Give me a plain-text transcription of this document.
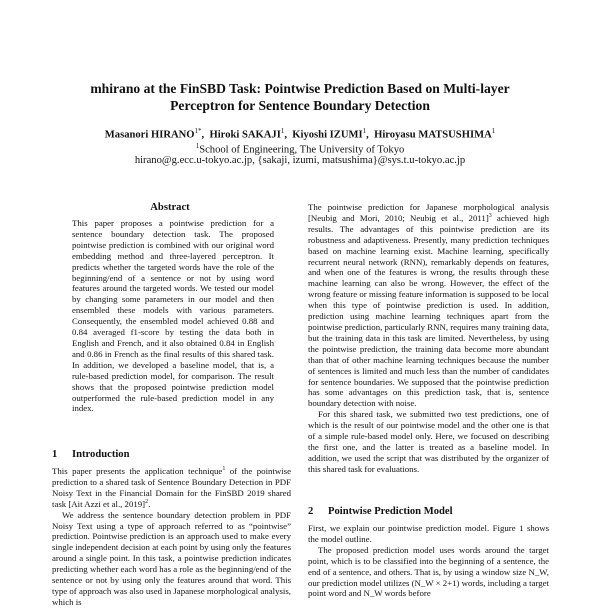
mhirano at the FinSBD Task: Pointwise Prediction Based on Multi-layer Perceptron for Sentence Boundary Detection
Masanori $HIRANO^{1*}$,  Hiroki SAKAJI$^1$,  Kiyoshi IZUMI$^1$,  Hiroyasu MATSUSHIMA$^1$
$^1$School of Engineering, The University of Tokyo
hirano@g.ecc.u-tokyo.ac.jp, {sakaji, izumi, matsushima}@sys.t.u-tokyo.ac.jp
Abstract
This paper proposes a pointwise prediction for a sentence boundary detection task. The proposed pointwise prediction is combined with our original word embedding method and three-layered perceptron. It predicts whether the targeted words have the role of the beginning/end of a sentence or not by using word features around the targeted words. We tested our model by changing some parameters in our model and then ensembled these models with various parameters. Consequently, the ensembled model achieved 0.88 and 0.84 averaged f1-score by testing the data both in English and French, and it also obtained 0.84 in English and 0.86 in French as the final results of this shared task. In addition, we developed a baseline model, that is, a rule-based prediction model, for comparison. The result shows that the proposed pointwise prediction model outperformed the rule-based prediction model in any index.
1 Introduction

This paper presents the application technique$^1$ of the pointwise prediction to a shared task of Sentence Boundary Detection in PDF Noisy Text in the Financial Domain for the FinSBD 2019 shared task [Ait Azzi et al., 2019]$^2$.

We address the sentence boundary detection problem in PDF Noisy Text using a type of approach referred to as “pointwise” prediction. Pointwise prediction is an approach used to make every single independent decision at each point by using only the features around a single point. In this task, a pointwise prediction indicates predicting whether each word has a role as the beginning/end of the sentence or not by using only the features around that word. This type of approach was also used in Japanese morphological analysis, which is

The pointwise prediction for Japanese morphological analysis [Neubig and Mori, 2010; Neubig et al., 2011]$^3$ achieved high results. The advantages of this pointwise prediction are its robustness and adaptiveness. Presently, many prediction techniques based on machine learning exist. Machine learning, specifically recurrent neural network (RNN), remarkably depends on features, and when one of the features is wrong, the results through these machine learning can also be wrong. However, the effect of the wrong feature or missing feature information is supposed to be local when this type of pointwise prediction is used. In addition, prediction using machine learning techniques apart from the pointwise prediction, particularly RNN, requires many training data, but the training data in this task are limited. Nevertheless, by using the pointwise prediction, the training data become more abundant than that of other machine learning techniques because the number of sentences is limited and much less than the number of candidates for sentence boundaries. We supposed that the pointwise prediction has some advantages on this prediction task, that is, sentence boundary detection with noise.

For this shared task, we submitted two test predictions, one of which is the result of our pointwise model and the other one is that of a simple rule-based model only. Here, we focused on describing the first one, and the latter is treated as a baseline model. In addition, we used the script that was distributed by the organizer of this shared task for evaluations.

2 Pointwise Prediction Model

First, we explain our pointwise prediction model. Figure 1 shows the model outline.

The proposed prediction model uses words around the target point, which is to be classified into the beginning of a sentence, the end of a sentence, and others. That is, by using a window size N_W, our prediction model utilizes (N_W × 2+1) words, including a target point word and N_W words before
